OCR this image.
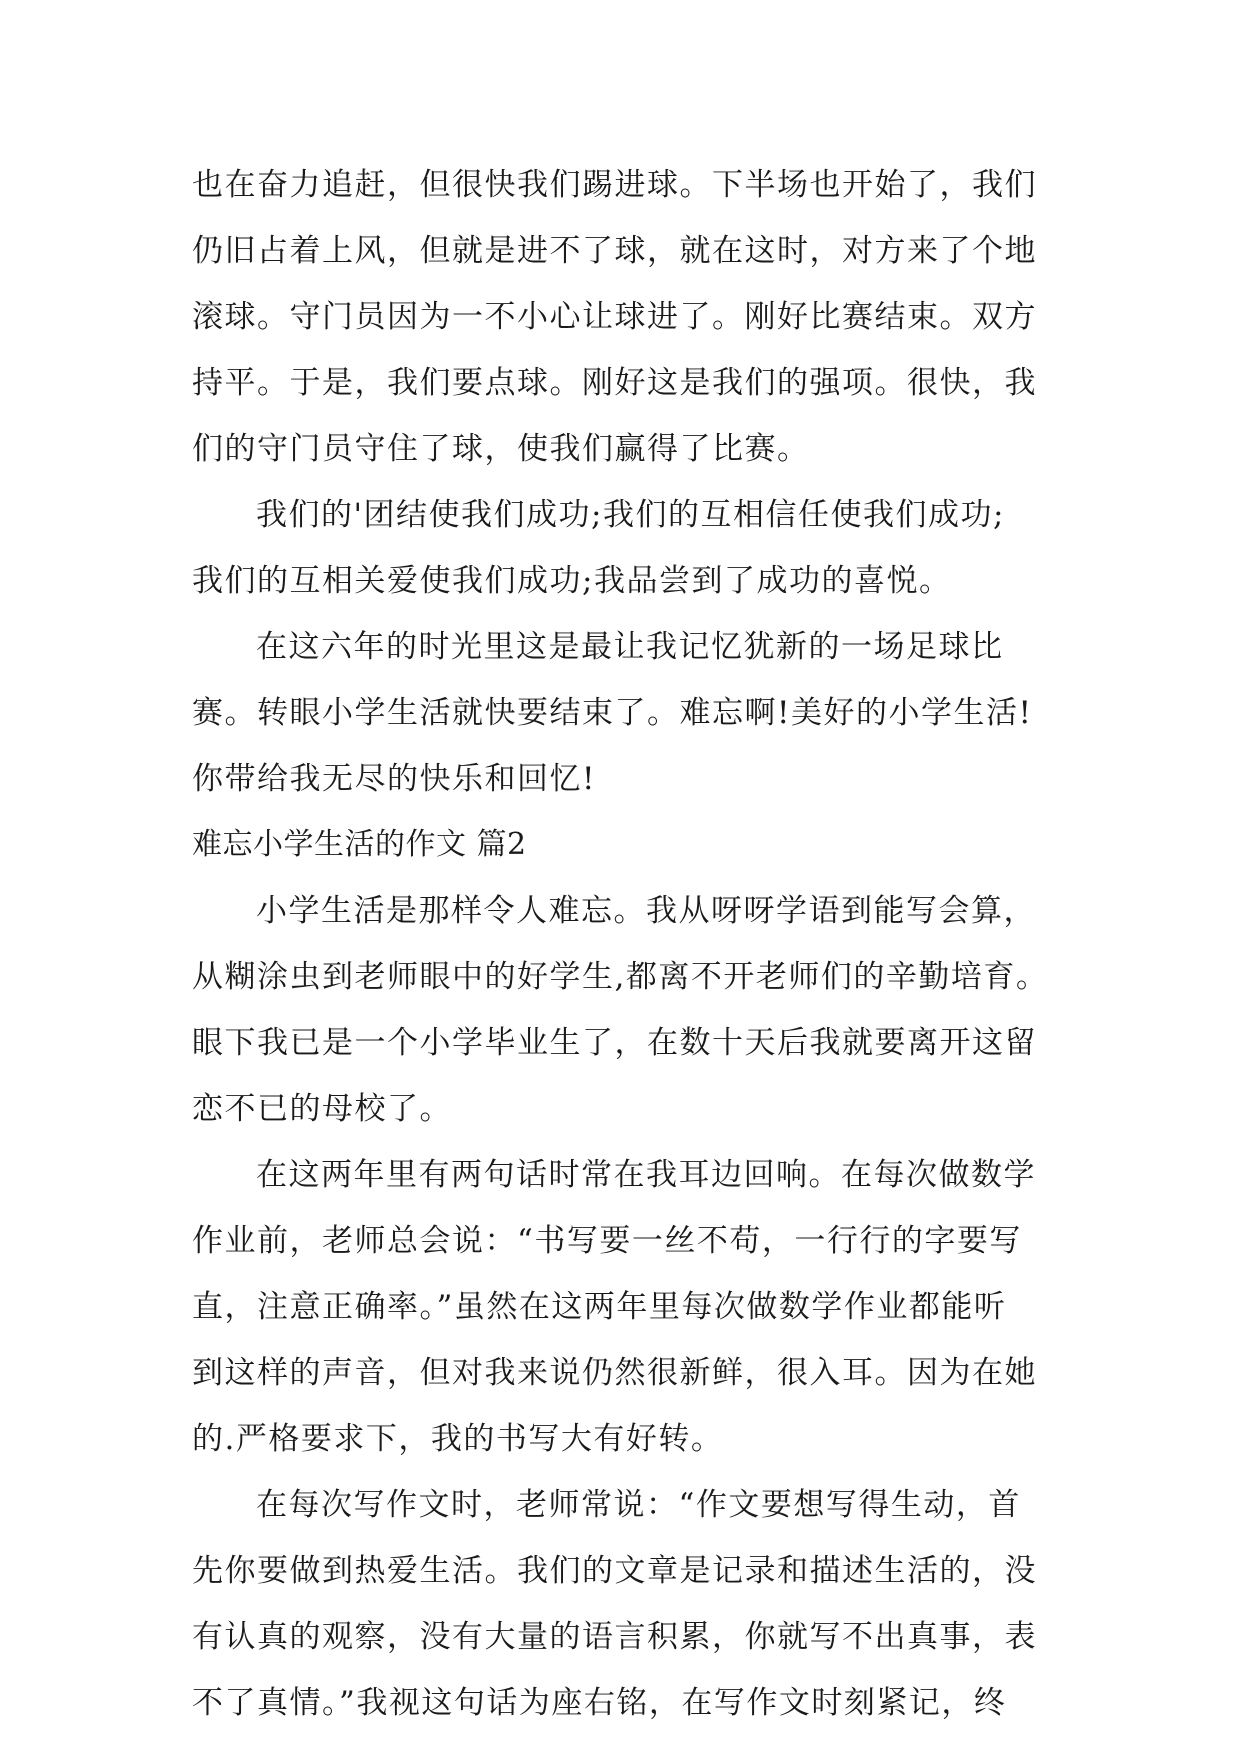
也在奋力追赶，但很快我们踢进球。下半场也开始了，我们
仍旧占着上风，但就是进不了球，就在这时，对方来了个地
滚球。守门员因为一不小心让球进了。刚好比赛结束。双方
持平。于是，我们要点球。刚好这是我们的强项。很快，我
们的守门员守住了球，使我们赢得了比赛。
我们的'团结使我们成功;我们的互相信任使我们成功;
我们的互相关爱使我们成功;我品尝到了成功的喜悦。
在这六年的时光里这是最让我记忆犹新的一场足球比
赛。转眼小学生活就快要结束了。难忘啊!美好的小学生活!
你带给我无尽的快乐和回忆!
难忘小学生活的作文 篇2
小学生活是那样令人难忘。我从呀呀学语到能写会算，
从糊涂虫到老师眼中的好学生,都离不开老师们的辛勤培育。
眼下我已是一个小学毕业生了，在数十天后我就要离开这留
恋不已的母校了。
在这两年里有两句话时常在我耳边回响。在每次做数学
作业前，老师总会说：“书写要一丝不苟，一行行的字要写
直，注意正确率。”虽然在这两年里每次做数学作业都能听
到这样的声音，但对我来说仍然很新鲜，很入耳。因为在她
的.严格要求下，我的书写大有好转。
在每次写作文时，老师常说：“作文要想写得生动，首
先你要做到热爱生活。我们的文章是记录和描述生活的，没
有认真的观察，没有大量的语言积累，你就写不出真事，表
不了真情。”我视这句话为座右铭，在写作文时刻紧记，终
